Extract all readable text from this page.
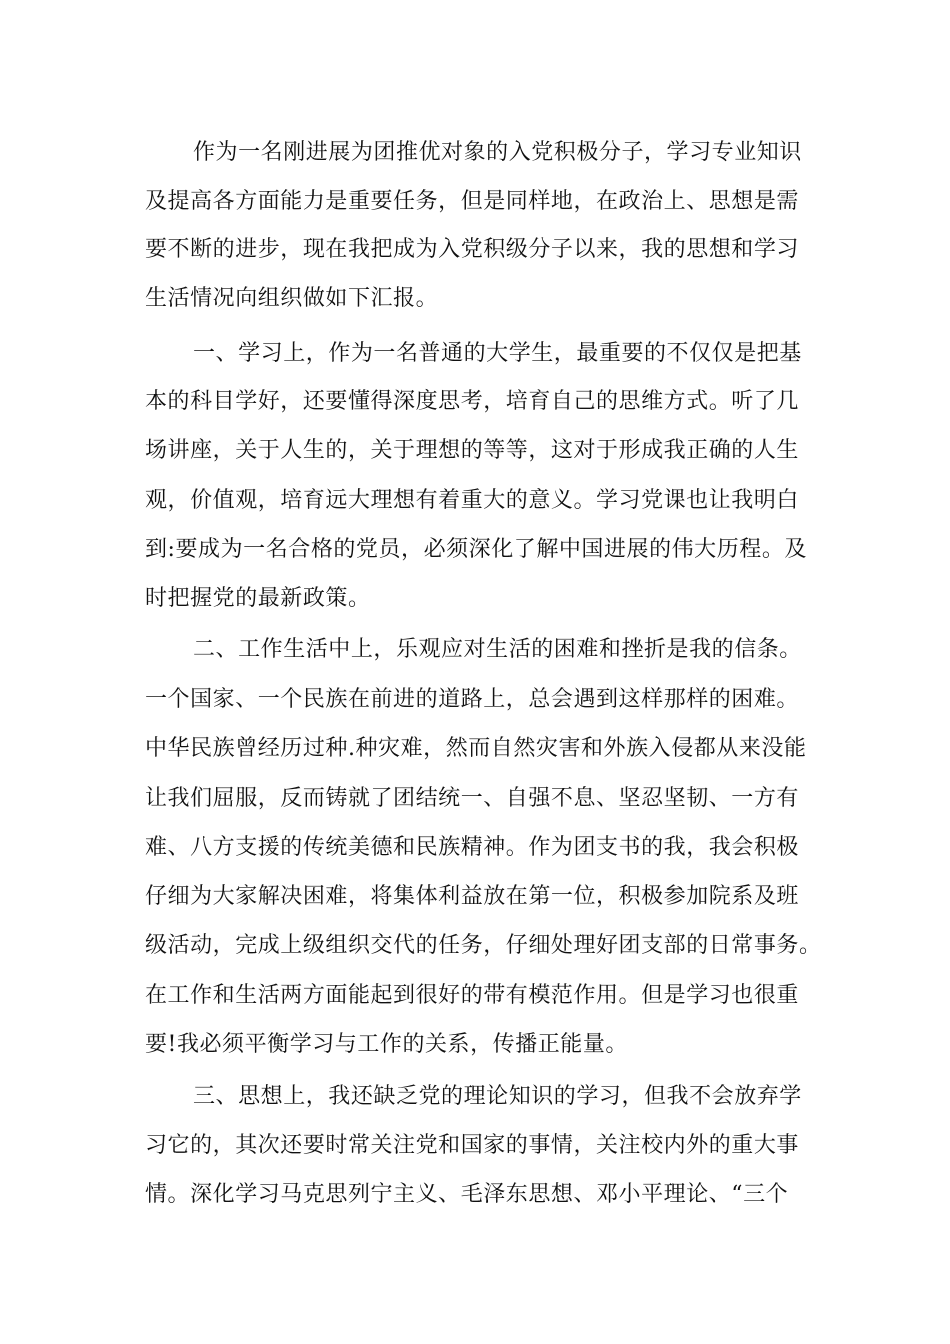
作为一名刚进展为团推优对象的入党积极分子，学习专业知识
及提高各方面能力是重要任务，但是同样地，在政治上、思想是需
要不断的进步，现在我把成为入党积级分子以来，我的思想和学习
生活情况向组织做如下汇报。
一、学习上，作为一名普通的大学生，最重要的不仅仅是把基
本的科目学好，还要懂得深度思考，培育自己的思维方式。听了几
场讲座，关于人生的，关于理想的等等，这对于形成我正确的人生
观，价值观，培育远大理想有着重大的意义。学习党课也让我明白
到:要成为一名合格的党员，必须深化了解中国进展的伟大历程。及
时把握党的最新政策。
二、工作生活中上，乐观应对生活的困难和挫折是我的信条。
一个国家、一个民族在前进的道路上，总会遇到这样那样的困难。
中华民族曾经历过种.种灾难，然而自然灾害和外族入侵都从来没能
让我们屈服，反而铸就了团结统一、自强不息、坚忍坚韧、一方有
难、八方支援的传统美德和民族精神。作为团支书的我，我会积极
仔细为大家解决困难，将集体利益放在第一位，积极参加院系及班
级活动，完成上级组织交代的任务，仔细处理好团支部的日常事务。
在工作和生活两方面能起到很好的带有模范作用。但是学习也很重
要!我必须平衡学习与工作的关系，传播正能量。
三、思想上，我还缺乏党的理论知识的学习，但我不会放弃学
习它的，其次还要时常关注党和国家的事情，关注校内外的重大事
情。深化学习马克思列宁主义、毛泽东思想、邓小平理论、“三个
